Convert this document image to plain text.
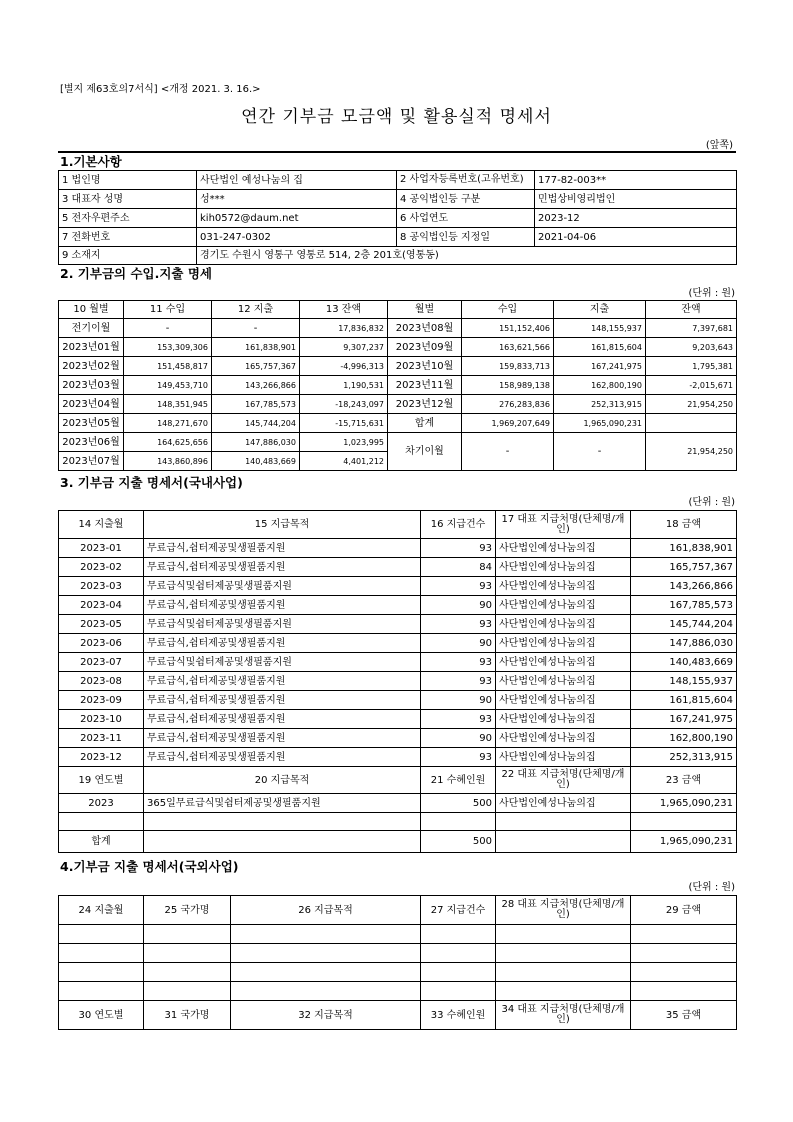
[별지 제63호의7서식] <개정 2021. 3. 16.>
연간 기부금 모금액 및 활용실적 명세서
(앞쪽)
1.기본사항
1 법인명	사단법인 예성나눔의 집	2 사업자등록번호(고유번호)	177-82-003**
3 대표자 성명	성***	4 공익법인등 구분	민법상비영리법인
5 전자우편주소	kih0572@daum.net	6 사업연도	2023-12
7 전화번호	031-247-0302	8 공익법인등 지정일	2021-04-06
9 소재지	경기도 수원시 영통구 영통로 514, 2층 201호(영통동)		
2. 기부금의 수입.지출 명세
(단위 : 원)
10 월별	11 수입	12 지출	13 잔액	월별	수입	지출	잔액
전기이월	-	-	17,836,832	2023년08월	151,152,406	148,155,937	7,397,681
2023년01월	153,309,306	161,838,901	9,307,237	2023년09월	163,621,566	161,815,604	9,203,643
2023년02월	151,458,817	165,757,367	-4,996,313	2023년10월	159,833,713	167,241,975	1,795,381
2023년03월	149,453,710	143,266,866	1,190,531	2023년11월	158,989,138	162,800,190	-2,015,671
2023년04월	148,351,945	167,785,573	-18,243,097	2023년12월	276,283,836	252,313,915	21,954,250
2023년05월	148,271,670	145,744,204	-15,715,631	합계	1,969,207,649	1,965,090,231	
2023년06월	164,625,656	147,886,030	1,023,995	차기이월	-	-	21,954,250
2023년07월	143,860,896	140,483,669	4,401,212				
3. 기부금 지출 명세서(국내사업)
(단위 : 원)
14 지출월	15 지급목적	16 지급건수	17 대표 지급처명(단체명/개인)	18 금액
2023-01	무료급식,쉼터제공및생필품지원	93	사단법인예성나눔의집	161,838,901
2023-02	무료급식,쉼터제공및생필품지원	84	사단법인예성나눔의집	165,757,367
2023-03	무료급식및쉼터제공및생필품지원	93	사단법인예성나눔의집	143,266,866
2023-04	무료급식,쉼터제공및생필품지원	90	사단법인예성나눔의집	167,785,573
2023-05	무료급식및쉼터제공및생필품지원	93	사단법인예성나눔의집	145,744,204
2023-06	무료급식,쉼터제공및생필품지원	90	사단법인예성나눔의집	147,886,030
2023-07	무료급식및쉼터제공및생필품지원	93	사단법인예성나눔의집	140,483,669
2023-08	무료급식,쉼터제공및생필품지원	93	사단법인예성나눔의집	148,155,937
2023-09	무료급식,쉼터제공및생필품지원	90	사단법인예성나눔의집	161,815,604
2023-10	무료급식,쉼터제공및생필품지원	93	사단법인예성나눔의집	167,241,975
2023-11	무료급식,쉼터제공및생필품지원	90	사단법인예성나눔의집	162,800,190
2023-12	무료급식,쉼터제공및생필품지원	93	사단법인예성나눔의집	252,313,915
19 연도별	20 지급목적	21 수혜인원	22 대표 지급처명(단체명/개인)	23 금액
2023	365일무료급식및쉼터제공및생필품지원	500	사단법인예성나눔의집	1,965,090,231

합계		500		1,965,090,231
4.기부금 지출 명세서(국외사업)
(단위 : 원)
24 지출월	25 국가명	26 지급목적	27 지급건수	28 대표 지급처명(단체명/개인)	29 금액

30 연도별	31 국가명	32 지급목적	33 수혜인원	34 대표 지급처명(단체명/개인)	35 금액
